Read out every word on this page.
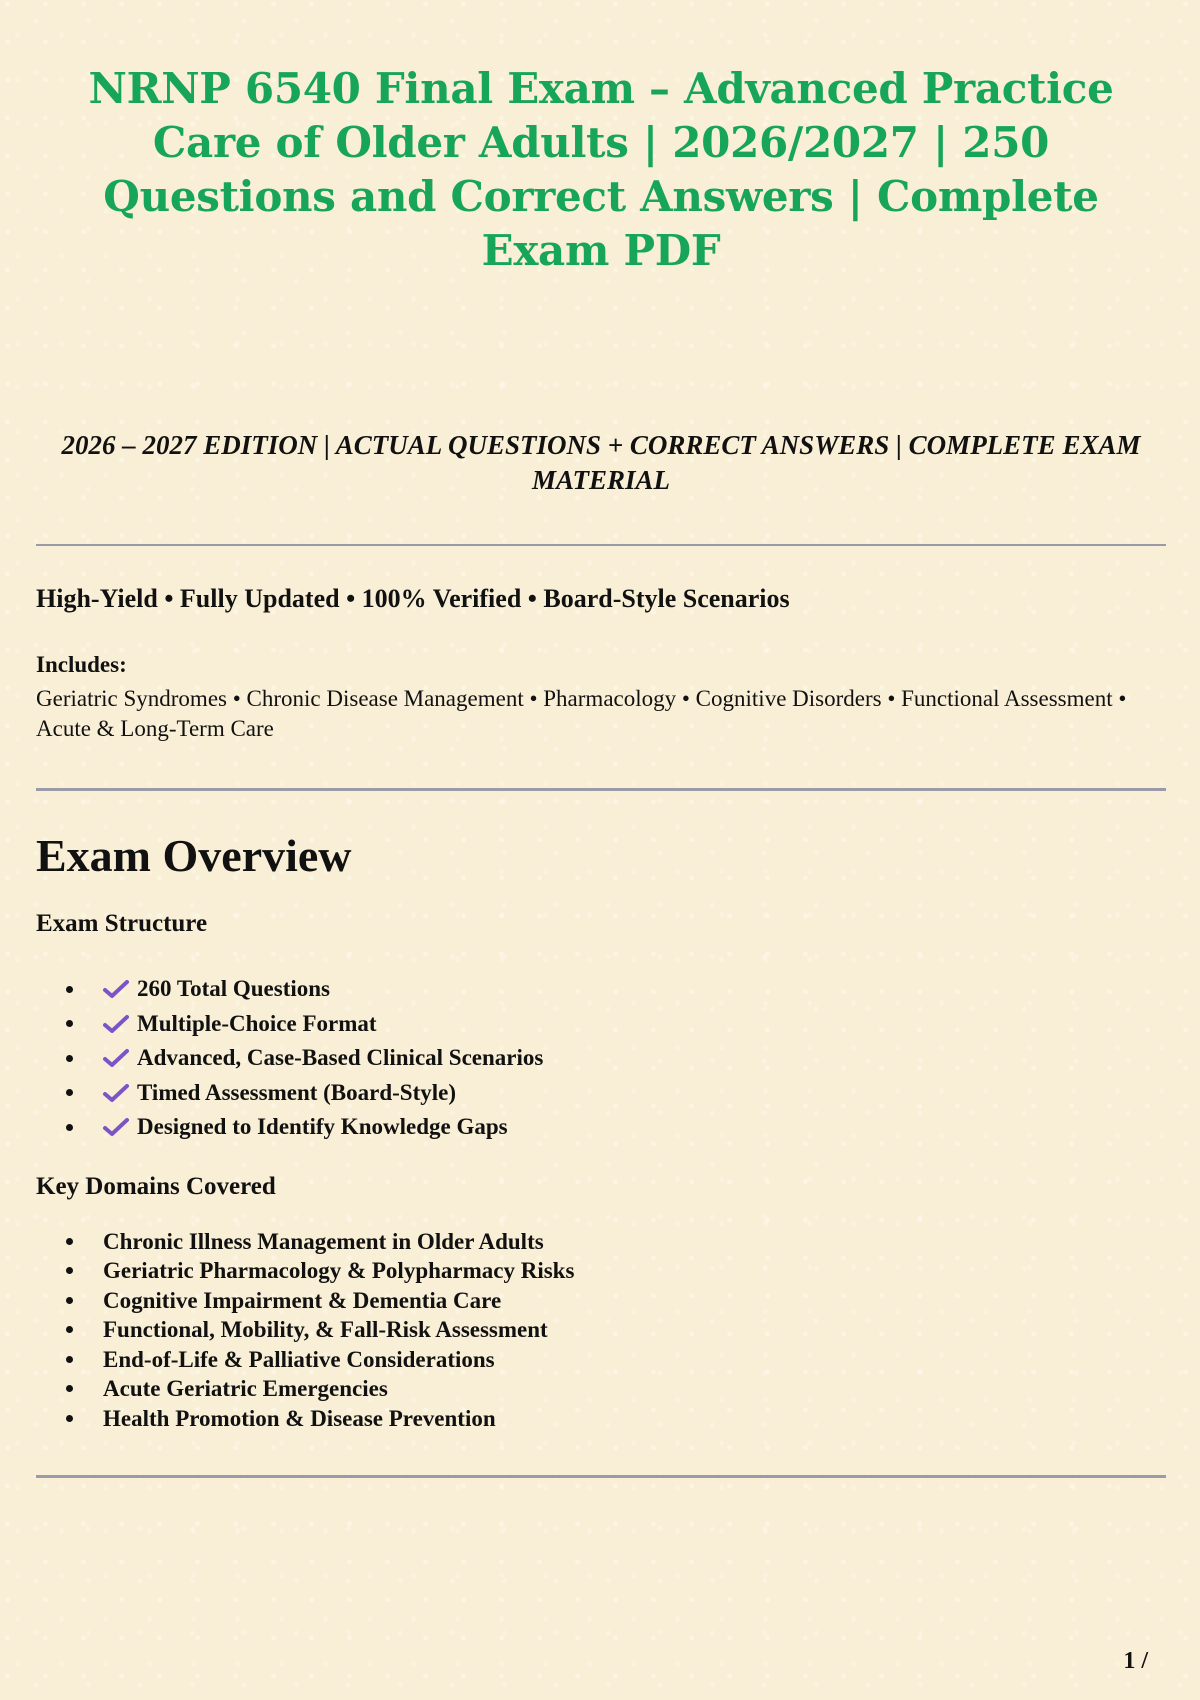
NRNP 6540 Final Exam – Advanced Practice Care of Older Adults | 2026/2027 | 250 Questions and Correct Answers | Complete Exam PDF

2026 – 2027 EDITION | ACTUAL QUESTIONS + CORRECT ANSWERS | COMPLETE EXAM MATERIAL

High-Yield • Fully Updated • 100% Verified • Board-Style Scenarios

Includes:

Geriatric Syndromes • Chronic Disease Management • Pharmacology • Cognitive Disorders • Functional Assessment • Acute & Long-Term Care

Exam Overview
Exam Structure
260 Total Questions
Multiple-Choice Format
Advanced, Case-Based Clinical Scenarios
Timed Assessment (Board-Style)
Designed to Identify Knowledge Gaps
Key Domains Covered
Chronic Illness Management in Older Adults
Geriatric Pharmacology & Polypharmacy Risks
Cognitive Impairment & Dementia Care
Functional, Mobility, & Fall-Risk Assessment
End-of-Life & Palliative Considerations
Acute Geriatric Emergencies
Health Promotion & Disease Prevention
1 /
